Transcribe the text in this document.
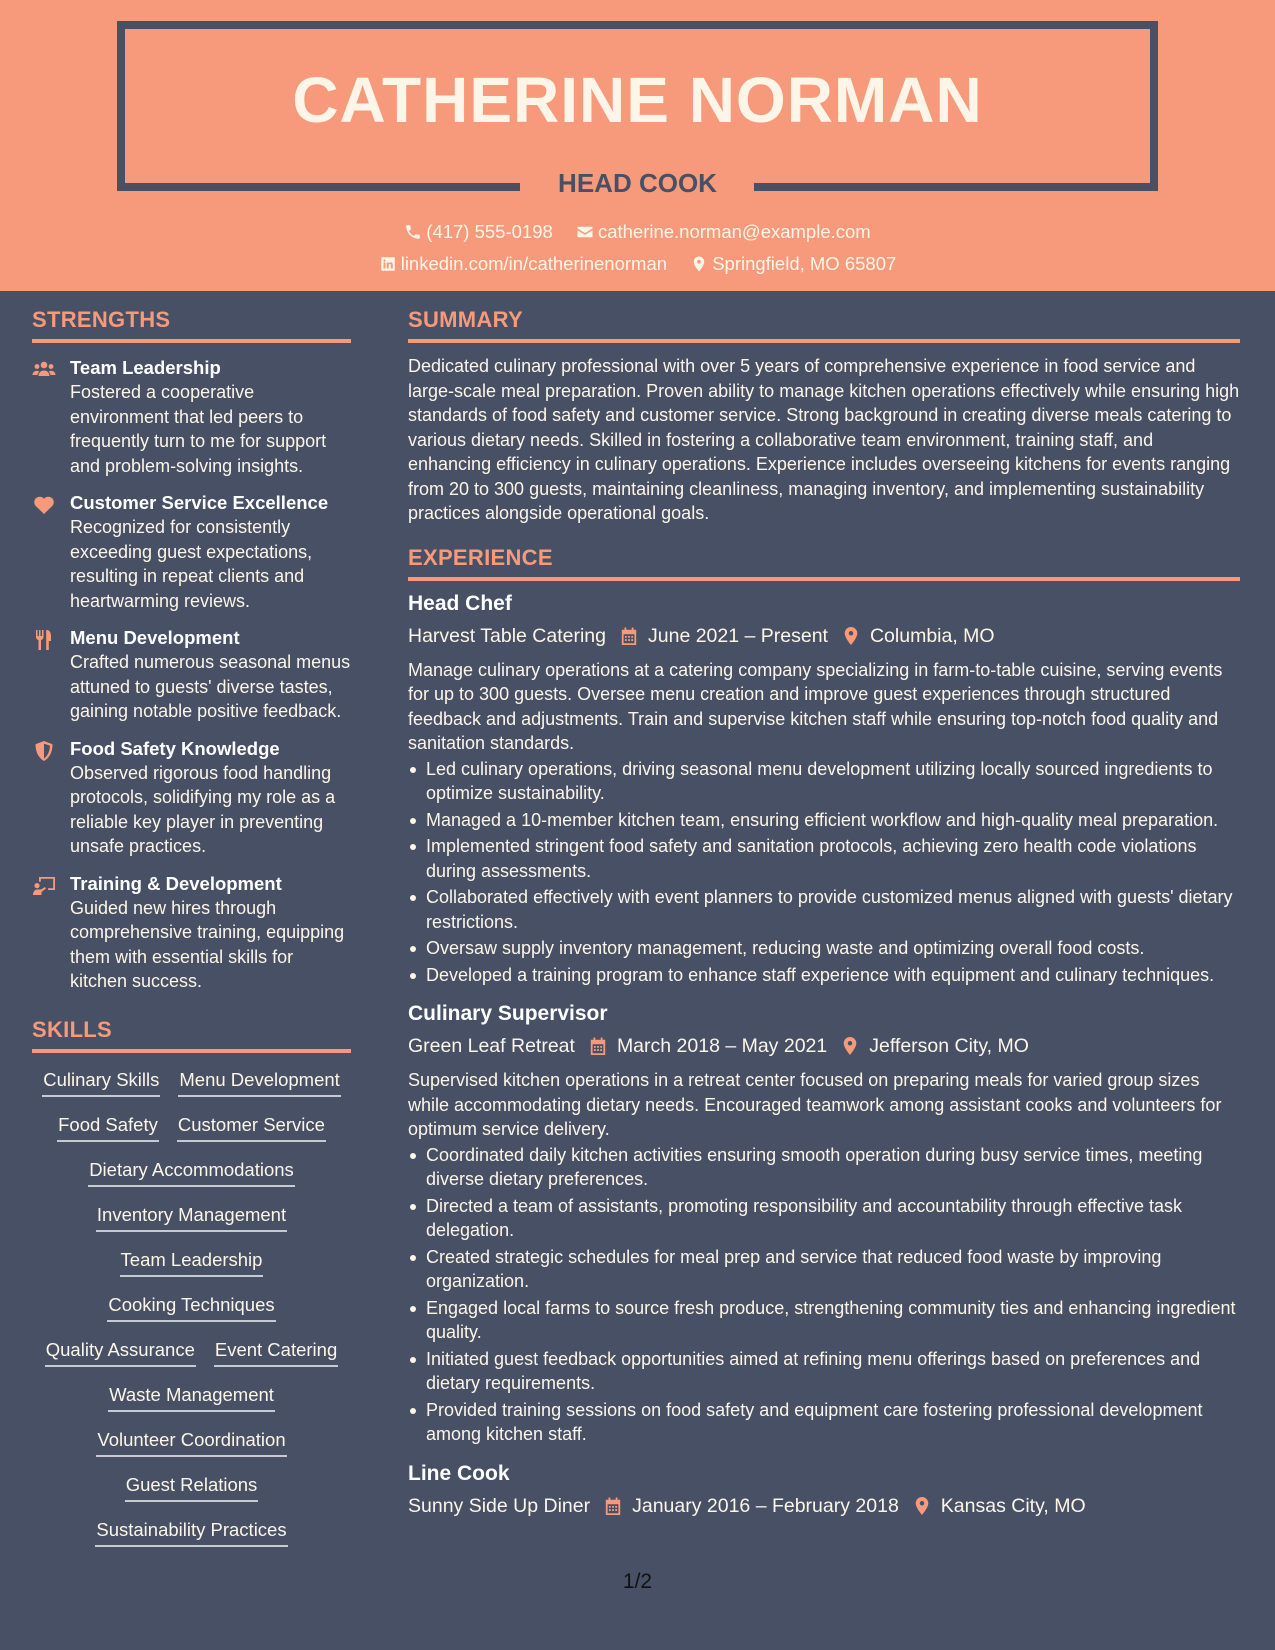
CATHERINE NORMAN
HEAD COOK
(417) 555-0198
catherine.norman@example.com
linkedin.com/in/catherinenorman
Springfield, MO 65807
STRENGTHS
Team Leadership
Fostered a cooperative environment that led peers to frequently turn to me for support and problem-solving insights.
Customer Service Excellence
Recognized for consistently exceeding guest expectations, resulting in repeat clients and heartwarming reviews.
Menu Development
Crafted numerous seasonal menus attuned to guests' diverse tastes, gaining notable positive feedback.
Food Safety Knowledge
Observed rigorous food handling protocols, solidifying my role as a reliable key player in preventing unsafe practices.
Training & Development
Guided new hires through comprehensive training, equipping them with essential skills for kitchen success.
SKILLS
Culinary Skills Menu Development
Food Safety Customer Service
Dietary Accommodations
Inventory Management
Team Leadership
Cooking Techniques
Quality Assurance Event Catering
Waste Management
Volunteer Coordination
Guest Relations
Sustainability Practices
SUMMARY
Dedicated culinary professional with over 5 years of comprehensive experience in food service and large-scale meal preparation. Proven ability to manage kitchen operations effectively while ensuring high standards of food safety and customer service. Strong background in creating diverse meals catering to various dietary needs. Skilled in fostering a collaborative team environment, training staff, and enhancing efficiency in culinary operations. Experience includes overseeing kitchens for events ranging from 20 to 300 guests, maintaining cleanliness, managing inventory, and implementing sustainability practices alongside operational goals.
EXPERIENCE
Head Chef
Harvest Table Catering June 2021 – Present Columbia, MO
Manage culinary operations at a catering company specializing in farm-to-table cuisine, serving events for up to 300 guests. Oversee menu creation and improve guest experiences through structured feedback and adjustments. Train and supervise kitchen staff while ensuring top-notch food quality and sanitation standards.
Led culinary operations, driving seasonal menu development utilizing locally sourced ingredients to optimize sustainability.
Managed a 10-member kitchen team, ensuring efficient workflow and high-quality meal preparation.
Implemented stringent food safety and sanitation protocols, achieving zero health code violations during assessments.
Collaborated effectively with event planners to provide customized menus aligned with guests' dietary restrictions.
Oversaw supply inventory management, reducing waste and optimizing overall food costs.
Developed a training program to enhance staff experience with equipment and culinary techniques.
Culinary Supervisor
Green Leaf Retreat March 2018 – May 2021 Jefferson City, MO
Supervised kitchen operations in a retreat center focused on preparing meals for varied group sizes while accommodating dietary needs. Encouraged teamwork among assistant cooks and volunteers for optimum service delivery.
Coordinated daily kitchen activities ensuring smooth operation during busy service times, meeting diverse dietary preferences.
Directed a team of assistants, promoting responsibility and accountability through effective task delegation.
Created strategic schedules for meal prep and service that reduced food waste by improving organization.
Engaged local farms to source fresh produce, strengthening community ties and enhancing ingredient quality.
Initiated guest feedback opportunities aimed at refining menu offerings based on preferences and dietary requirements.
Provided training sessions on food safety and equipment care fostering professional development among kitchen staff.
Line Cook
Sunny Side Up Diner January 2016 – February 2018 Kansas City, MO
1/2
